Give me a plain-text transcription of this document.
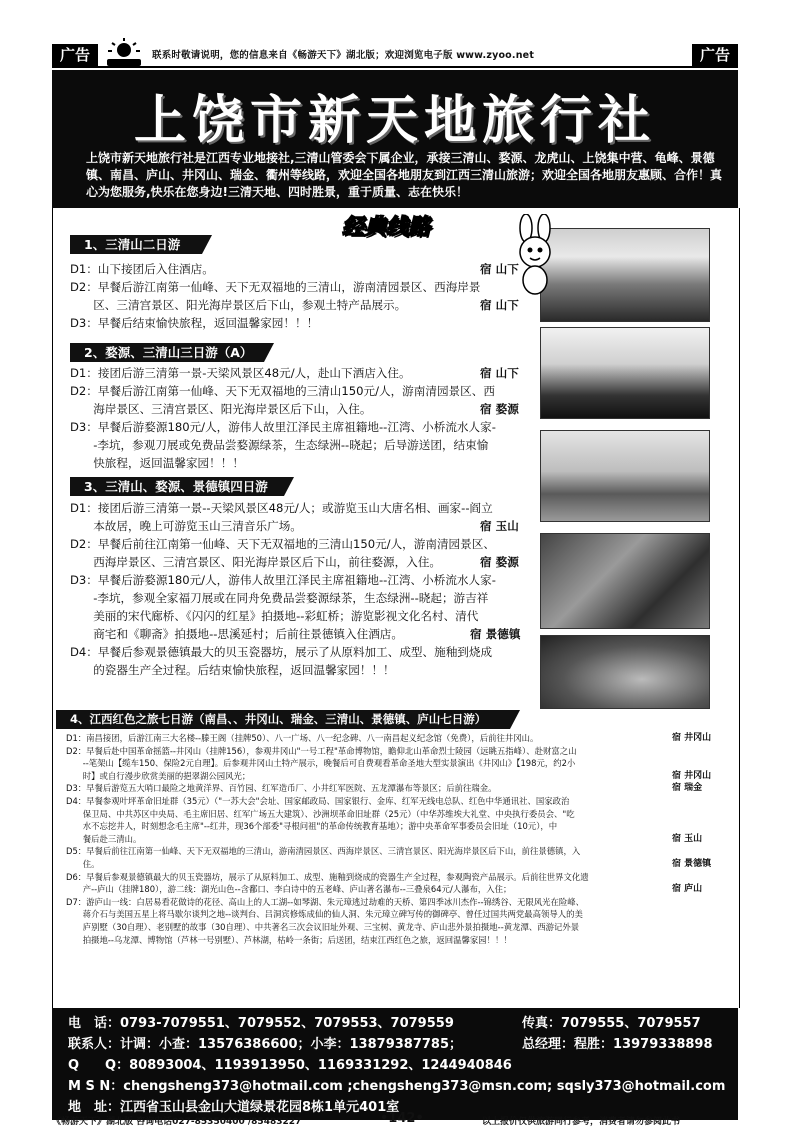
广告	广告
联系时敬请说明，您的信息来自《畅游天下》湖北版；欢迎浏览电子版 www.zyoo.net
上饶市新天地旅行社
上饶市新天地旅行社是江西专业地接社,三清山管委会下属企业，承接三清山、婺源、龙虎山、上饶集中营、龟峰、景德镇、南昌、庐山、井冈山、瑞金、衢州等线路，欢迎全国各地朋友到江西三清山旅游；欢迎全国各地朋友惠顾、合作！真心为您服务,快乐在您身边!三清天地、四时胜景，重于质量、志在快乐！
经典线路
1、三清山二日游
D1：山下接团后入住酒店。	宿 山下
D2：早餐后游江南第一仙峰、天下无双福地的三清山，游南清园景区、西海岸景
　　区、三清宫景区、阳光海岸景区后下山，参观土特产品展示。	宿 山下
D3：早餐后结束愉快旅程，返回温馨家园！！！
2、婺源、三清山三日游（A）
D1：接团后游三清第一景-天梁风景区48元/人，赴山下酒店入住。	宿 山下
D2：早餐后游江南第一仙峰、天下无双福地的三清山150元/人，游南清园景区、西
　　海岸景区、三清宫景区、阳光海岸景区后下山，入住。	宿 婺源
D3：早餐后游婺源180元/人，游伟人故里江泽民主席祖籍地--江湾、小桥流水人家-
　　-李坑，参观刀展或免费品尝婺源绿茶，生态绿洲--晓起；后导游送团，结束愉
　　快旅程，返回温馨家园！！！
3、三清山、婺源、景德镇四日游
D1：接团后游三清第一景--天梁风景区48元/人；或游览玉山大唐名相、画家--阎立
　　本故居，晚上可游览玉山三清音乐广场。	宿 玉山
D2：早餐后前往江南第一仙峰、天下无双福地的三清山150元/人，游南清园景区、
　　西海岸景区、三清宫景区、阳光海岸景区后下山，前往婺源，入住。	宿 婺源
D3：早餐后游婺源180元/人，游伟人故里江泽民主席祖籍地--江湾、小桥流水人家-
　　-李坑，参观全家福刀展或在同舟免费品尝婺源绿茶，生态绿洲--晓起；游吉祥
　　美丽的宋代廊桥、《闪闪的红星》拍摄地--彩虹桥；游览影视文化名村、清代
　　商宅和《聊斋》拍摄地--思溪延村；后前往景德镇入住酒店。	宿 景德镇
D4：早餐后参观景德镇最大的贝玉瓷器坊，展示了从原料加工、成型、施釉到烧成
　　的瓷器生产全过程。后结束愉快旅程，返回温馨家园！！！
4、江西红色之旅七日游（南昌、、井冈山、瑞金、三清山、景德镇、庐山七日游）
D1：南昌接团，后游江南三大名楼--滕王阁（挂牌50）、八一广场、八一纪念碑、八一南昌起义纪念馆（免费），后前往井冈山。	宿 井冈山
D2：早餐后赴中国革命摇篮--井冈山（挂牌156），参观井冈山"一号工程"革命博物馆，瞻仰北山革命烈士陵园（远眺五指峰）、赴财富之山
　　--笔架山【缆车150、保险2元自理】。后参观井冈山土特产展示，晚餐后可自费观看革命圣地大型实景演出《井冈山》【198元，约2小
　　时】或自行漫步欣赏美丽的挹翠湖公园风光；	宿 井冈山
D3：早餐后游览五大哨口最险之地黄洋界、百竹园、红军造币厂、小井红军医院、五龙潭瀑布等景区；后前往瑞金。	宿 瑞金
D4：早餐参观叶坪革命旧址群（35元）（"一苏大会"会址、国家邮政局、国家银行、金库、红军无线电总队、红色中华通讯社、国家政治
　　保卫局、中共苏区中央局、毛主席旧居、红军广场五大建筑）、沙洲坝革命旧址群（25元）（中华苏维埃大礼堂、中央执行委员会、"吃
　　水不忘挖井人，时刻想念毛主席"--红井，现36个部委"寻根问祖"的革命传统教育基地）；游中央革命军事委员会旧址（10元），中
　　餐后赴三清山。	宿 玉山
D5：早餐后前往江南第一仙峰、天下无双福地的三清山，游南清园景区、西海岸景区、三清宫景区、阳光海岸景区后下山，前往景德镇，入
　　住。	宿 景德镇
D6：早餐后参观景德镇最大的贝玉瓷器坊，展示了从原料加工、成型、施釉到烧成的瓷器生产全过程，参观陶瓷产品展示。后前往世界文化遗
　　产--庐山（挂牌180），游二线：湖光山色--含鄱口、李白诗中的五老峰、庐山著名瀑布--三叠泉64元/人瀑布，入住；	宿 庐山
D7：游庐山一线：白居易看花做诗的花径、高山上的人工湖--如琴湖、朱元璋逃过劫难的天桥、第四季冰川杰作--锦绣谷、无限风光在险峰、
　　蒋介石与美国五星上将马歇尔谈判之地--谈判台、吕洞宾修炼成仙的仙人洞、朱元璋立碑写传的御碑亭、曾任过国共两党最高领导人的美
　　庐别墅（30自理）、老别墅的故事（30自理）、中共著名三次会议旧址外观、三宝树、黄龙寺、庐山悲外景拍摄地--黄龙潭、西游记外景
　　拍摄地--乌龙潭、博物馆（芦林一号别墅）、芦林湖，枯岭一条街；后送团，结束江西红色之旅，返回温馨家园！！！
电　话：0793-7079551、7079552、7079553、7079559	传真：7079555、7079557
联系人：计调：小查：13576386600；小李：13879387785；	总经理：程胜：13979338898
Q　　Q：80893004、1193913950、1169331292、1244940846
M S N：chengsheng373@hotmail.com ;chengsheng373@msn.com; sqsly373@hotmail.com
地　址：江西省玉山县金山大道绿景花园8栋1单元401室
《畅游天下》湖北版 咨询电话027-85350400 /85483227	•142•	以上报价仅供旅游同行参考，消费者请勿参阅此书
